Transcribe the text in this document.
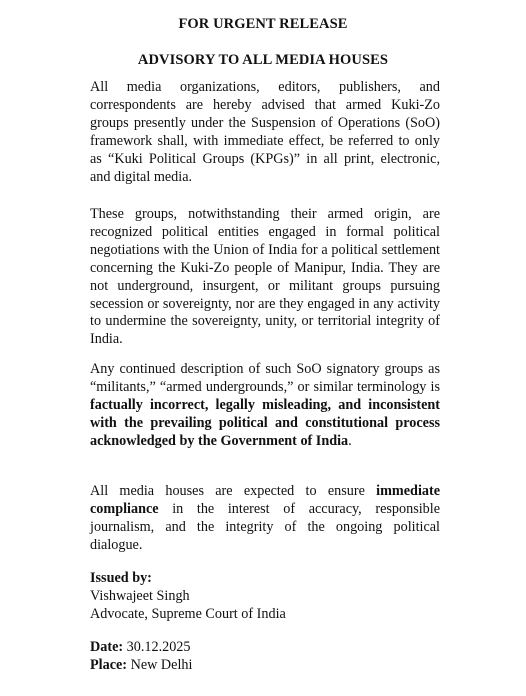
FOR URGENT RELEASE
ADVISORY TO ALL MEDIA HOUSES
All media organizations, editors, publishers, and correspondents are hereby advised that armed Kuki-Zo groups presently under the Suspension of Operations (SoO) framework shall, with immediate effect, be referred to only as “Kuki Political Groups (KPGs)” in all print, electronic, and digital media.
These groups, notwithstanding their armed origin, are recognized political entities engaged in formal political negotiations with the Union of India for a political settlement concerning the Kuki-Zo people of Manipur, India. They are not underground, insurgent, or militant groups pursuing secession or sovereignty, nor are they engaged in any activity to undermine the sovereignty, unity, or territorial integrity of India.
Any continued description of such SoO signatory groups as “militants,” “armed undergrounds,” or similar terminology is factually incorrect, legally misleading, and inconsistent with the prevailing political and constitutional process acknowledged by the Government of India.
All media houses are expected to ensure immediate compliance in the interest of accuracy, responsible journalism, and the integrity of the ongoing political dialogue.
Issued by:
Vishwajeet Singh
Advocate, Supreme Court of India
Date: 30.12.2025
Place: New Delhi
